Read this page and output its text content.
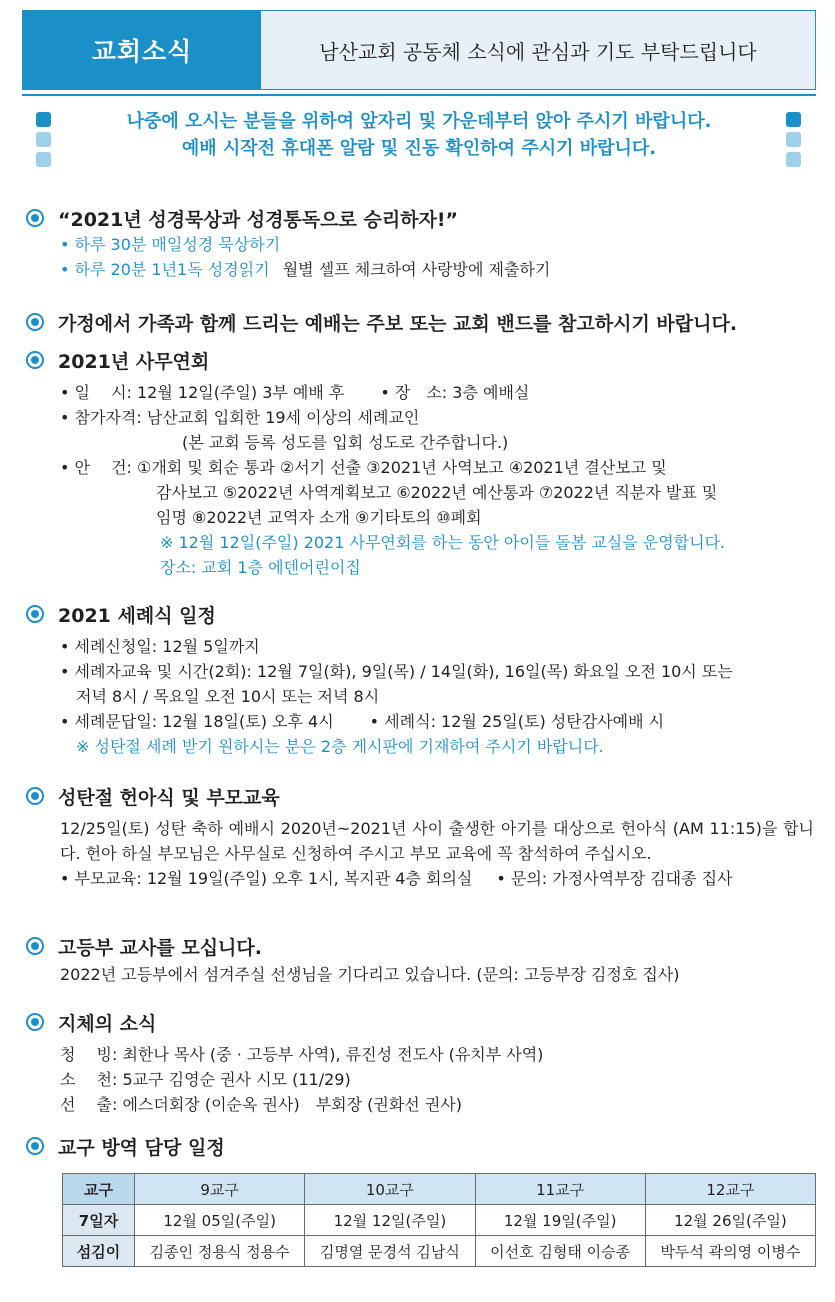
교회소식	남산교회 공동체 소식에 관심과 기도 부탁드립니다
나중에 오시는 분들을 위하여 앞자리 및 가운데부터 앉아 주시기 바랍니다.
예배 시작전 휴대폰 알람 및 진동 확인하여 주시기 바랍니다.
“2021년 성경묵상과 성경통독으로 승리하자!”
• 하루 30분 매일성경 묵상하기
• 하루 20분 1년1독 성경읽기 월별 셀프 체크하여 사랑방에 제출하기
가정에서 가족과 함께 드리는 예배는 주보 또는 교회 밴드를 참고하시기 바랍니다.
2021년 사무연회
• 일　 시: 12월 12일(주일) 3부 예배 후 • 장　소: 3층 예배실
• 참가자격: 남산교회 입회한 19세 이상의 세례교인
(본 교회 등록 성도를 입회 성도로 간주합니다.)
• 안　 건: ①개회 및 회순 통과 ②서기 선출 ③2021년 사역보고 ④2021년 결산보고 및
감사보고 ⑤2022년 사역계획보고 ⑥2022년 예산통과 ⑦2022년 직분자 발표 및
임명 ⑧2022년 교역자 소개 ⑨기타토의 ⑩폐회
※ 12월 12일(주일) 2021 사무연회를 하는 동안 아이들 돌봄 교실을 운영합니다.
장소: 교회 1층 에덴어린이집
2021 세례식 일정
• 세례신청일: 12월 5일까지
• 세례자교육 및 시간(2회): 12월 7일(화), 9일(목) / 14일(화), 16일(목) 화요일 오전 10시 또는
저녁 8시 / 목요일 오전 10시 또는 저녁 8시
• 세례문답일: 12월 18일(토) 오후 4시 • 세례식: 12월 25일(토) 성탄감사예배 시
※ 성탄절 세례 받기 원하시는 분은 2층 게시판에 기재하여 주시기 바랍니다.
성탄절 헌아식 및 부모교육
12/25일(토) 성탄 축하 예배시 2020년~2021년 사이 출생한 아기를 대상으로 헌아식 (AM 11:15)을 합니다. 헌아 하실 부모님은 사무실로 신청하여 주시고 부모 교육에 꼭 참석하여 주십시오.
• 부모교육: 12월 19일(주일) 오후 1시, 복지관 4층 회의실 • 문의: 가정사역부장 김대종 집사
고등부 교사를 모십니다.
2022년 고등부에서 섬겨주실 선생님을 기다리고 있습니다. (문의: 고등부장 김정호 집사)
지체의 소식
청　 빙: 최한나 목사 (중 · 고등부 사역), 류진성 전도사 (유치부 사역)
소　 천: 5교구 김영순 권사 시모 (11/29)
선　 출: 에스더회장 (이순옥 권사)　부회장 (권화선 권사)
교구 방역 담당 일정
교구	9교구	10교구	11교구	12교구
7일자	12월 05일(주일)	12월 12일(주일)	12월 19일(주일)	12월 26일(주일)
섬김이	김종인 정용식 정용수	김명열 문경석 김남식	이선호 김형태 이승종	박두석 곽의영 이병수
